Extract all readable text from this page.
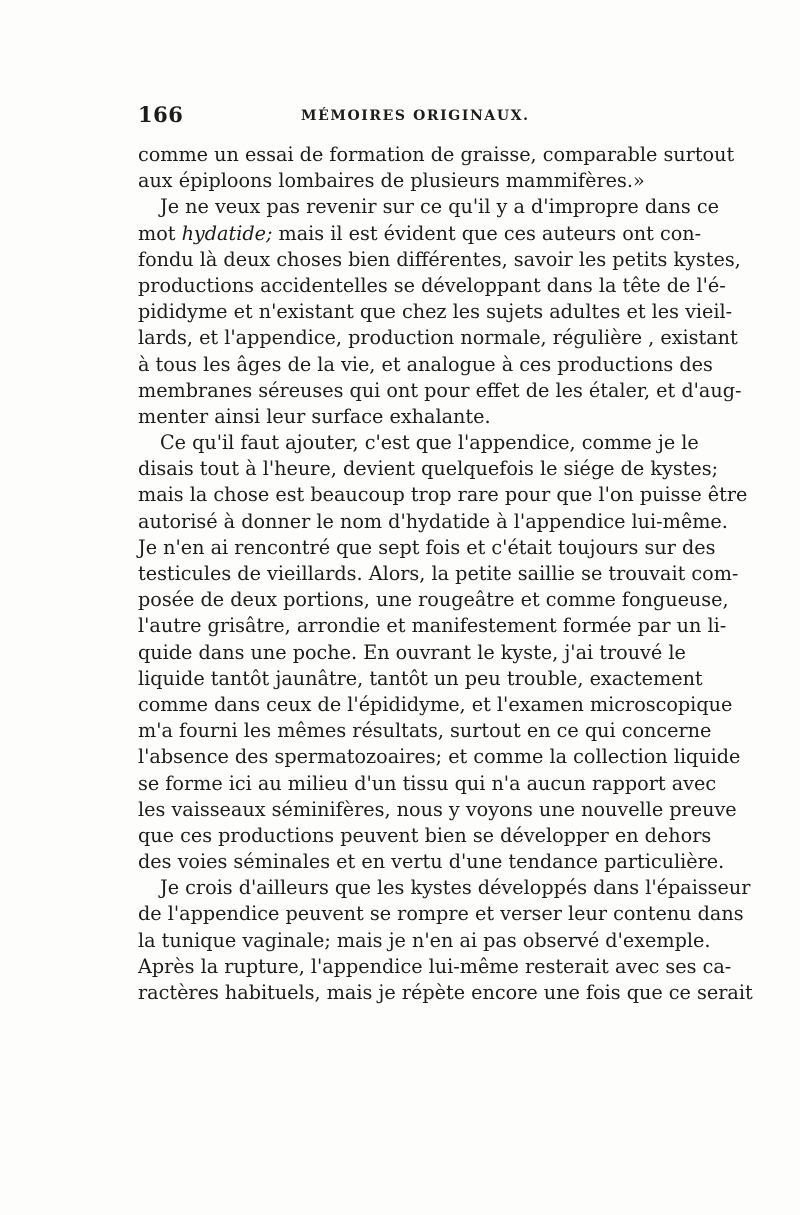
166	MÉMOIRES ORIGINAUX.
comme un essai de formation de graisse, comparable surtout
aux épiploons lombaires de plusieurs mammifères.»
Je ne veux pas revenir sur ce qu'il y a d'impropre dans ce
mot hydatide; mais il est évident que ces auteurs ont con-
fondu là deux choses bien différentes, savoir les petits kystes,
productions accidentelles se développant dans la tête de l'é-
pididyme et n'existant que chez les sujets adultes et les vieil-
lards, et l'appendice, production normale, régulière , existant
à tous les âges de la vie, et analogue à ces productions des
membranes séreuses qui ont pour effet de les étaler, et d'aug-
menter ainsi leur surface exhalante.
Ce qu'il faut ajouter, c'est que l'appendice, comme je le
disais tout à l'heure, devient quelquefois le siége de kystes;
mais la chose est beaucoup trop rare pour que l'on puisse être
autorisé à donner le nom d'hydatide à l'appendice lui-même.
Je n'en ai rencontré que sept fois et c'était toujours sur des
testicules de vieillards. Alors, la petite saillie se trouvait com-
posée de deux portions, une rougeâtre et comme fongueuse,
l'autre grisâtre, arrondie et manifestement formée par un li-
quide dans une poche. En ouvrant le kyste, j'ai trouvé le
liquide tantôt jaunâtre, tantôt un peu trouble, exactement
comme dans ceux de l'épididyme, et l'examen microscopique
m'a fourni les mêmes résultats, surtout en ce qui concerne
l'absence des spermatozoaires; et comme la collection liquide
se forme ici au milieu d'un tissu qui n'a aucun rapport avec
les vaisseaux séminifères, nous y voyons une nouvelle preuve
que ces productions peuvent bien se développer en dehors
des voies séminales et en vertu d'une tendance particulière.
Je crois d'ailleurs que les kystes développés dans l'épaisseur
de l'appendice peuvent se rompre et verser leur contenu dans
la tunique vaginale; mais je n'en ai pas observé d'exemple.
Après la rupture, l'appendice lui-même resterait avec ses ca-
ractères habituels, mais je répète encore une fois que ce serait
